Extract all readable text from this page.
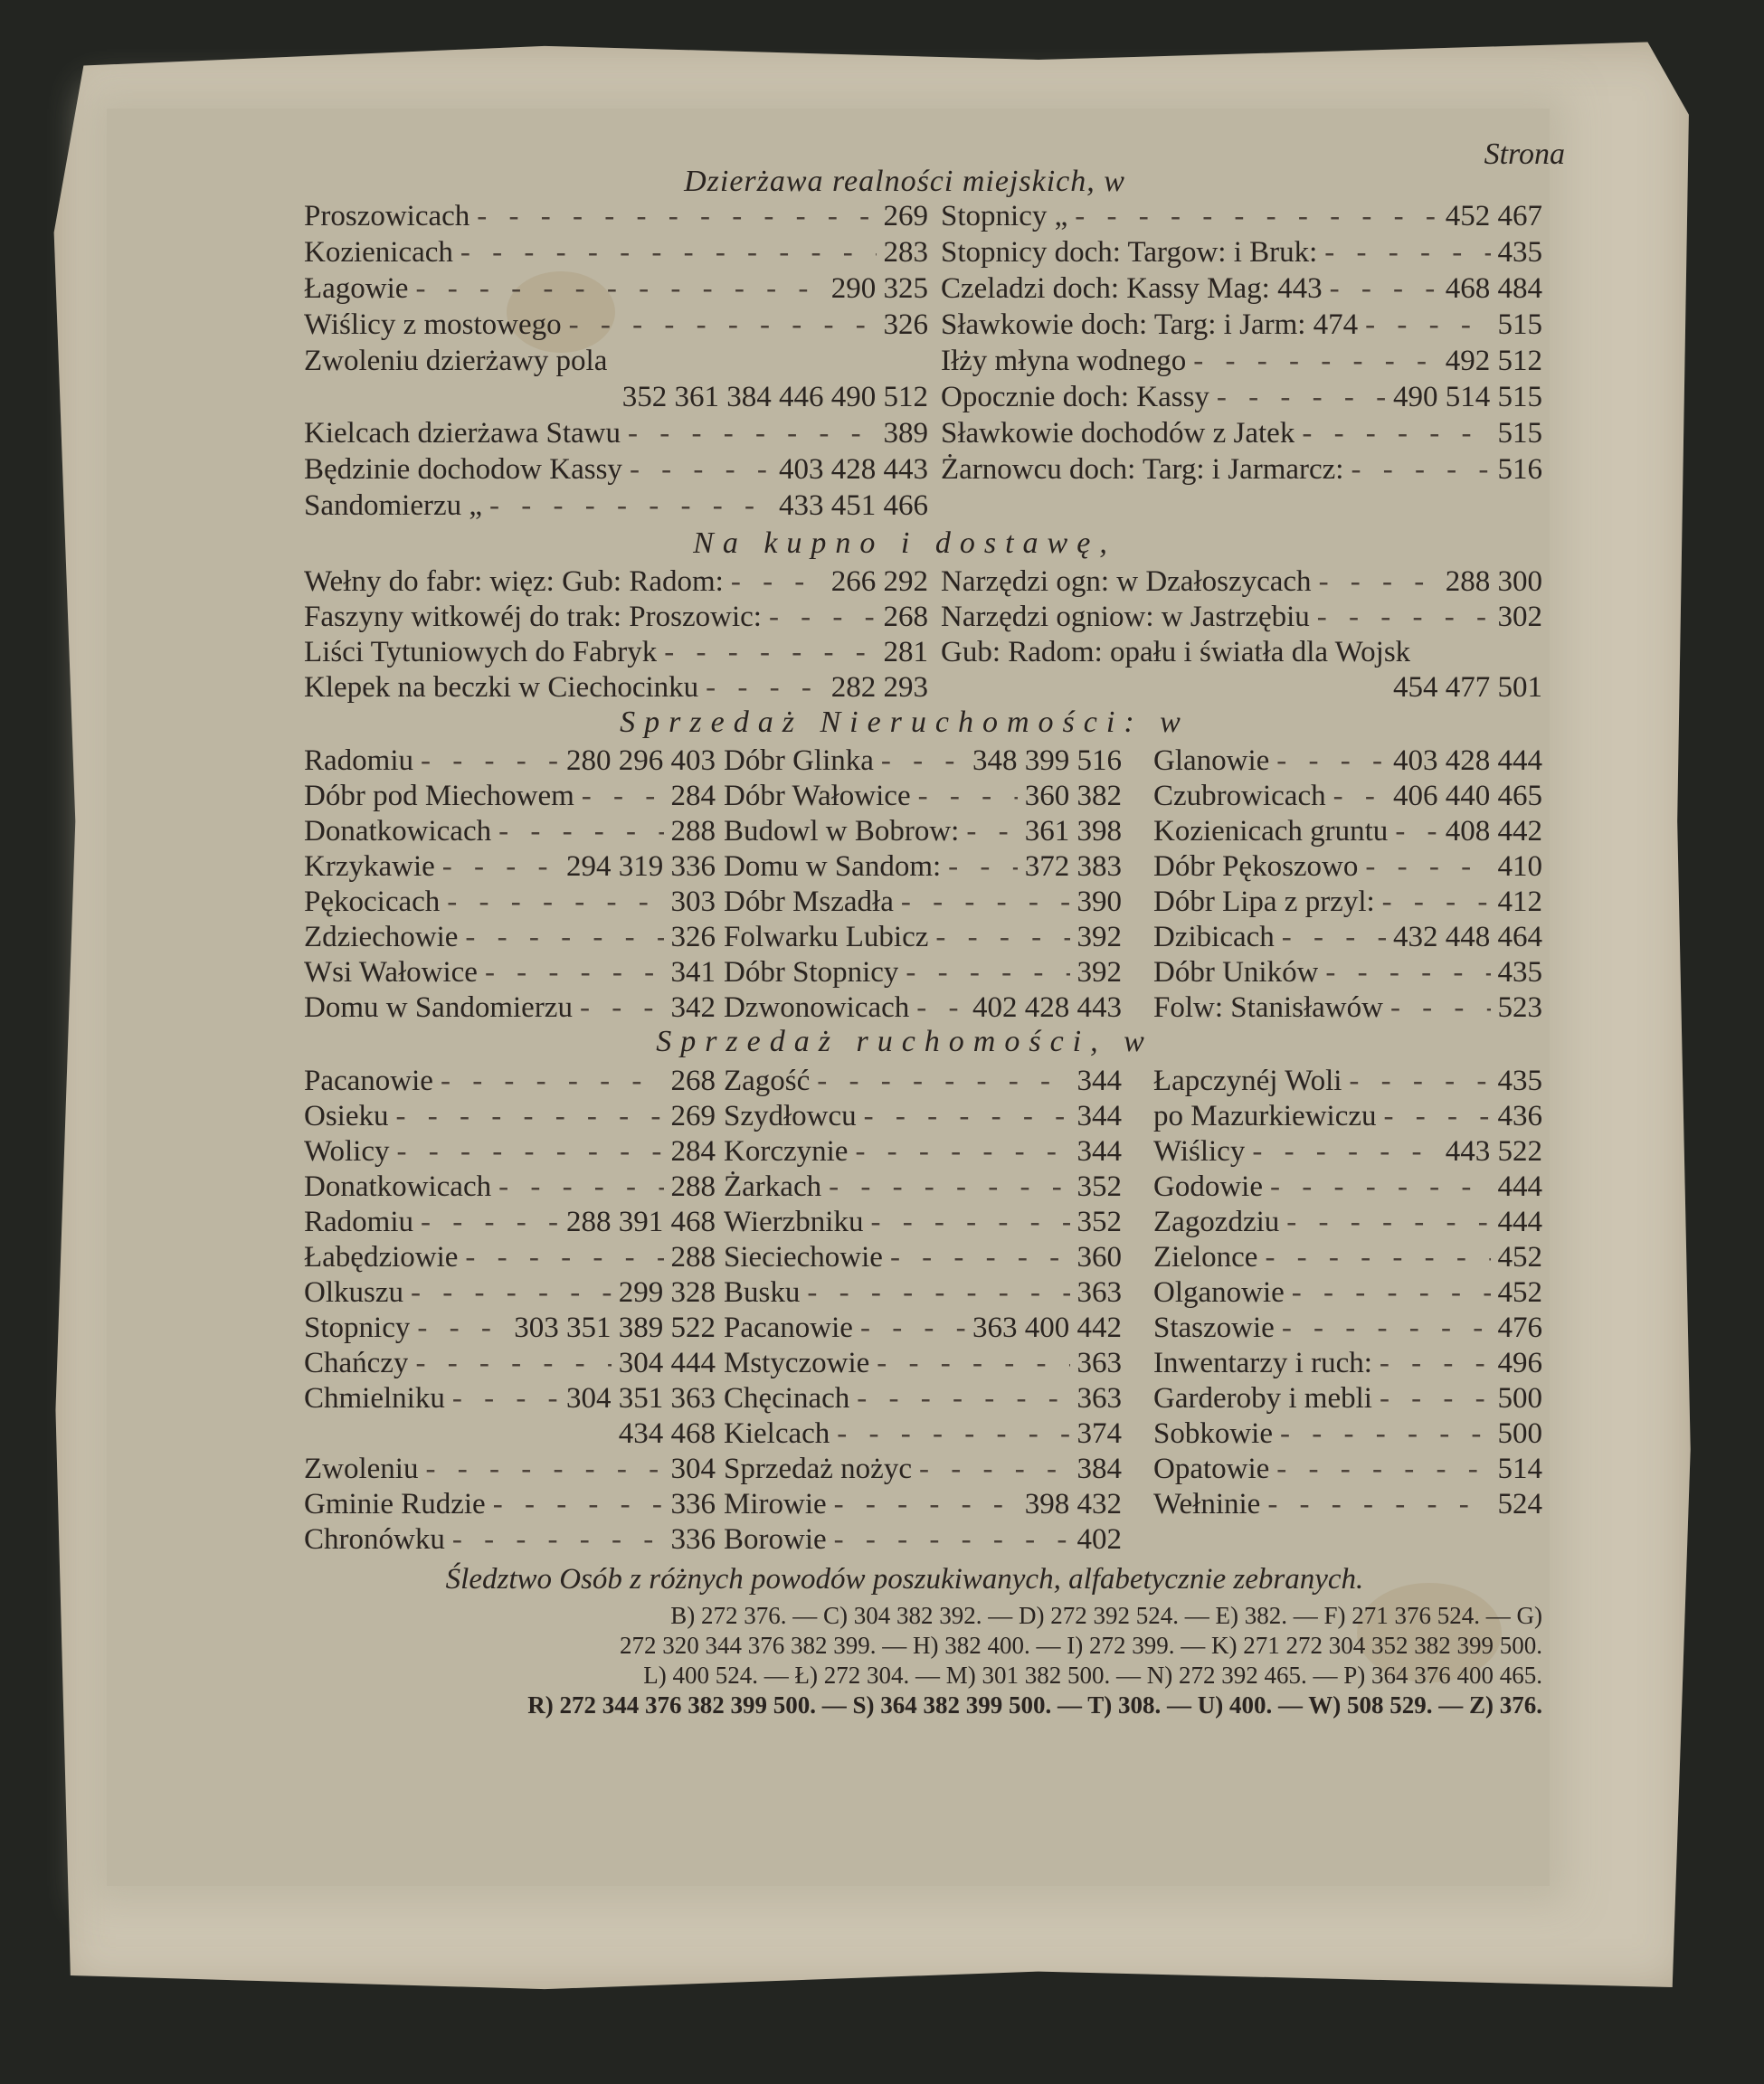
Strona
Dzierżawa realności miejskich, w
Proszowicach - - -	269
Kozienicach - - -	283
Łagowie - - -	290 325
Wiślicy z mostowego - - -	326
Zwoleniu dzierżawy pola
352 361 384 446 490 512
Kielcach dzierżawa Stawu - - -	389
Będzinie dochodow Kassy - - -	403 428 443
Sandomierzu „ - - -	433 451 466
Stopnicy „ - - -	452 467
Stopnicy doch: Targow: i Bruk: - - -	435
Czeladzi doch: Kassy Mag: 443 - - -	468 484
Sławkowie doch: Targ: i Jarm: 474 - - -	515
Iłży młyna wodnego - - -	492 512
Opocznie doch: Kassy - - -	490 514 515
Sławkowie dochodów z Jatek - - -	515
Żarnowcu doch: Targ: i Jarmarcz: - - -	516
Na kupno i dostawę,
Wełny do fabr: więz: Gub: Radom: - - -	266 292
Faszyny witkowéj do trak: Proszowic: - - -	268
Liści Tytuniowych do Fabryk - - -	281
Klepek na beczki w Ciechocinku - - -	282 293
Narzędzi ogn: w Dzałoszycach - - -	288 300
Narzędzi ogniow: w Jastrzębiu - - -	302
Gub: Radom: opału i światła dla Wojsk
454 477 501
Sprzedaż Nieruchomości: w
Radomiu - - -	280 296 403
Dóbr pod Miechowem - - -	284
Donatkowicach - - -	288
Krzykawie - - -	294 319 336
Pękocicach - - -	303
Zdziechowie - - -	326
Wsi Wałowice - - -	341
Domu w Sandomierzu - - -	342
Dóbr Glinka - - -	348 399 516
Dóbr Wałowice - - -	360 382
Budowl w Bobrow: - - - 361 398
Domu w Sandom: - - -	372 383
Dóbr Mszadła - - -	390
Folwarku Lubicz - - -	392
Dóbr Stopnicy - - -	392
Dzwonowicach - - - 402 428 443
Glanowie - - -	403 428 444
Czubrowicach - - - 406 440 465
Kozienicach gruntu - - - 408 442
Dóbr Pękoszowo - - -	410
Dóbr Lipa z przyl: - - -	412
Dzibicach - - -	432 448 464
Dóbr Uników - - -	435
Folw: Stanisławów - - -	523
Sprzedaż ruchomości, w
Pacanowie - - -	268
Osieku - - -	269
Wolicy - - -	284
Donatkowicach - - -	288
Radomiu - - -	288 391 468
Łabędziowie - - -	288
Olkuszu - - -	299 328
Stopnicy - - -	303 351 389 522
Chańczy - - -	304 444
Chmielniku - - -	304 351 363
434 468
Zwoleniu - - -	304
Gminie Rudzie - - -	336
Chronówku - - -	336
Zagość - - -	344
Szydłowcu - - -	344
Korczynie - - -	344
Żarkach - - -	352
Wierzbniku - - -	352
Sieciechowie - - -	360
Busku - - -	363
Pacanowie - - -	363 400 442
Mstyczowie - - -	363
Chęcinach - - -	363
Kielcach - - -	374
Sprzedaż nożyc - - -	384
Mirowie - - -	398 432
Borowie - - -	402
Łapczynéj Woli - - -	435
po Mazurkiewiczu - - -	436
Wiślicy - - -	443 522
Godowie - - -	444
Zagozdziu - - -	444
Zielonce - - -	452
Olganowie - - -	452
Staszowie - - -	476
Inwentarzy i ruch: - - -	496
Garderoby i mebli - - -	500
Sobkowie - - -	500
Opatowie - - -	514
Wełninie - - -	524
Śledztwo Osób z różnych powodów poszukiwanych, alfabetycznie zebranych.
B) 272 376. — C) 304 382 392. — D) 272 392 524. — E) 382. — F) 271 376 524. — G)
272 320 344 376 382 399. — H) 382 400. — I) 272 399. — K) 271 272 304 352 382 399 500.
L) 400 524. — Ł) 272 304. — M) 301 382 500. — N) 272 392 465. — P) 364 376 400 465.
R) 272 344 376 382 399 500. — S) 364 382 399 500. — T) 308. — U) 400. — W) 508 529. — Z) 376.
